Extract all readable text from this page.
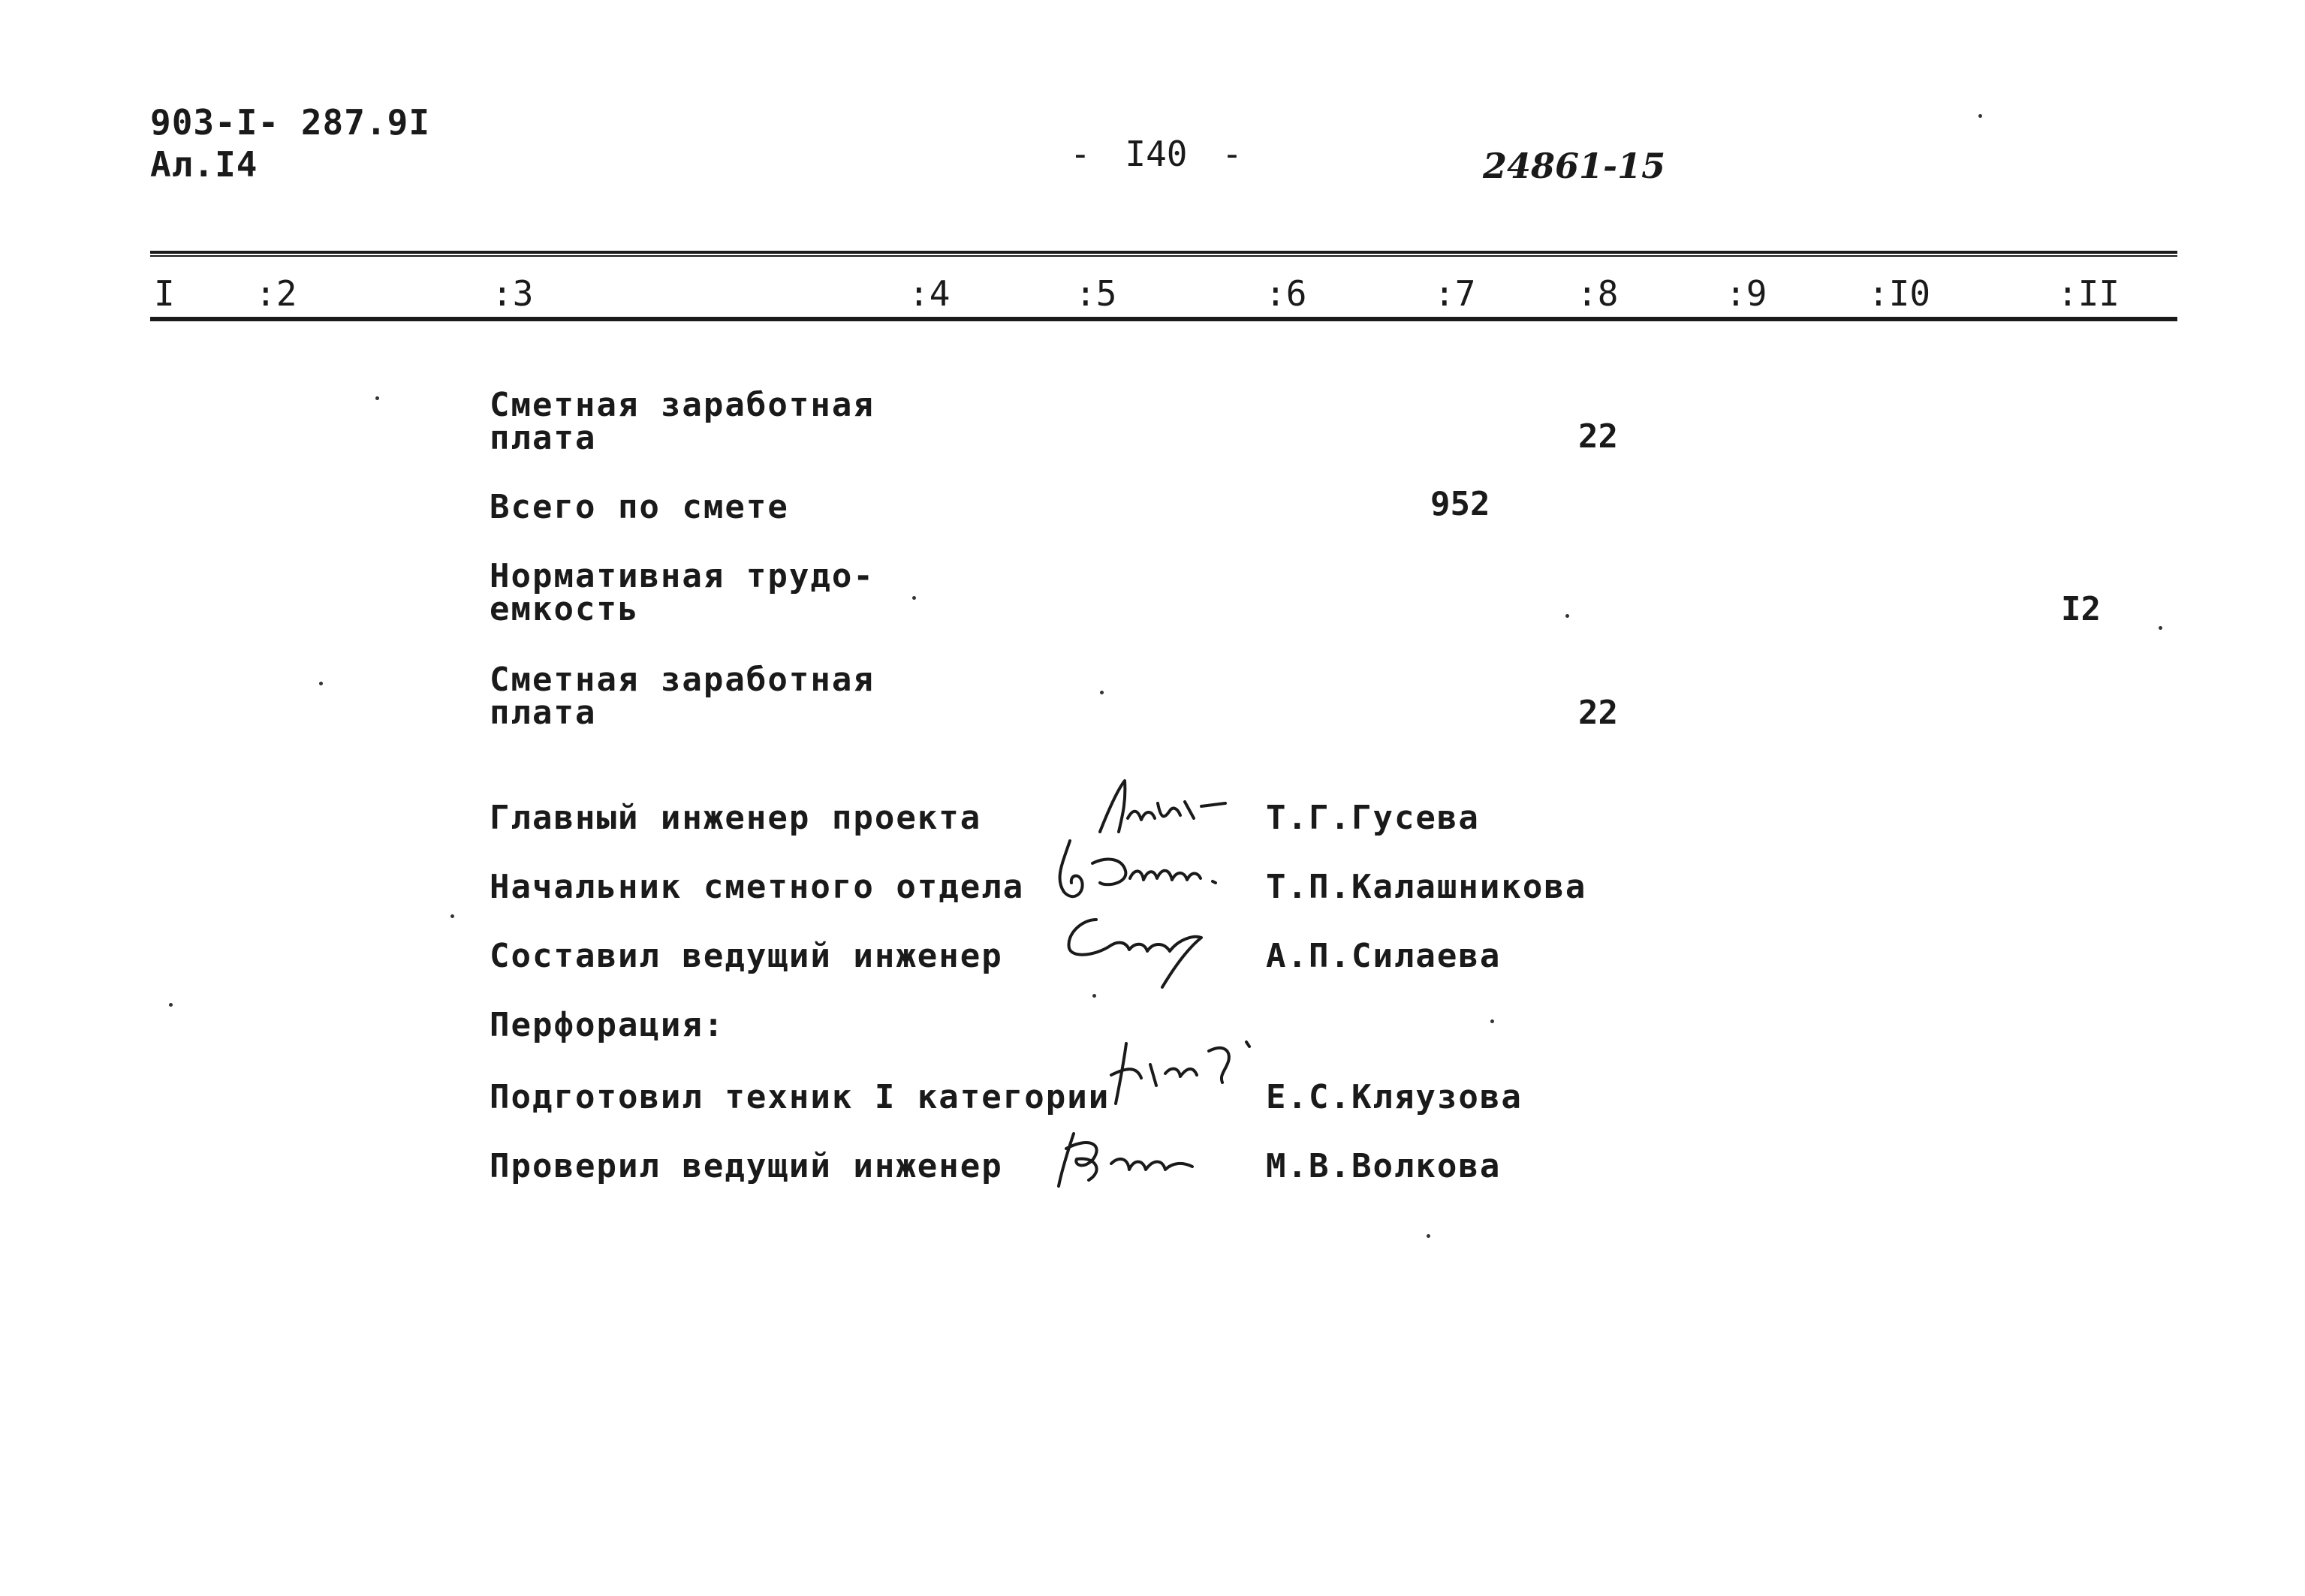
903-I- 287.9I
Ал.I4	- I40 -	24861-15
I :2	:3	:4	:5	:6	:7	:8	:9	:I0	:II
Сметная заработная
плата	22
Всего по смете	952
Нормативная трудо-
емкость	I2
Сметная заработная
плата	22
Главный инженер проекта	Т.Г.Гусева
Начальник сметного отдела	Т.П.Калашникова
Составил ведущий инженер	А.П.Силаева
Перфорация:
Подготовил техник I категории	Е.С.Кляузова
Проверил ведущий инженер	М.В.Волкова
